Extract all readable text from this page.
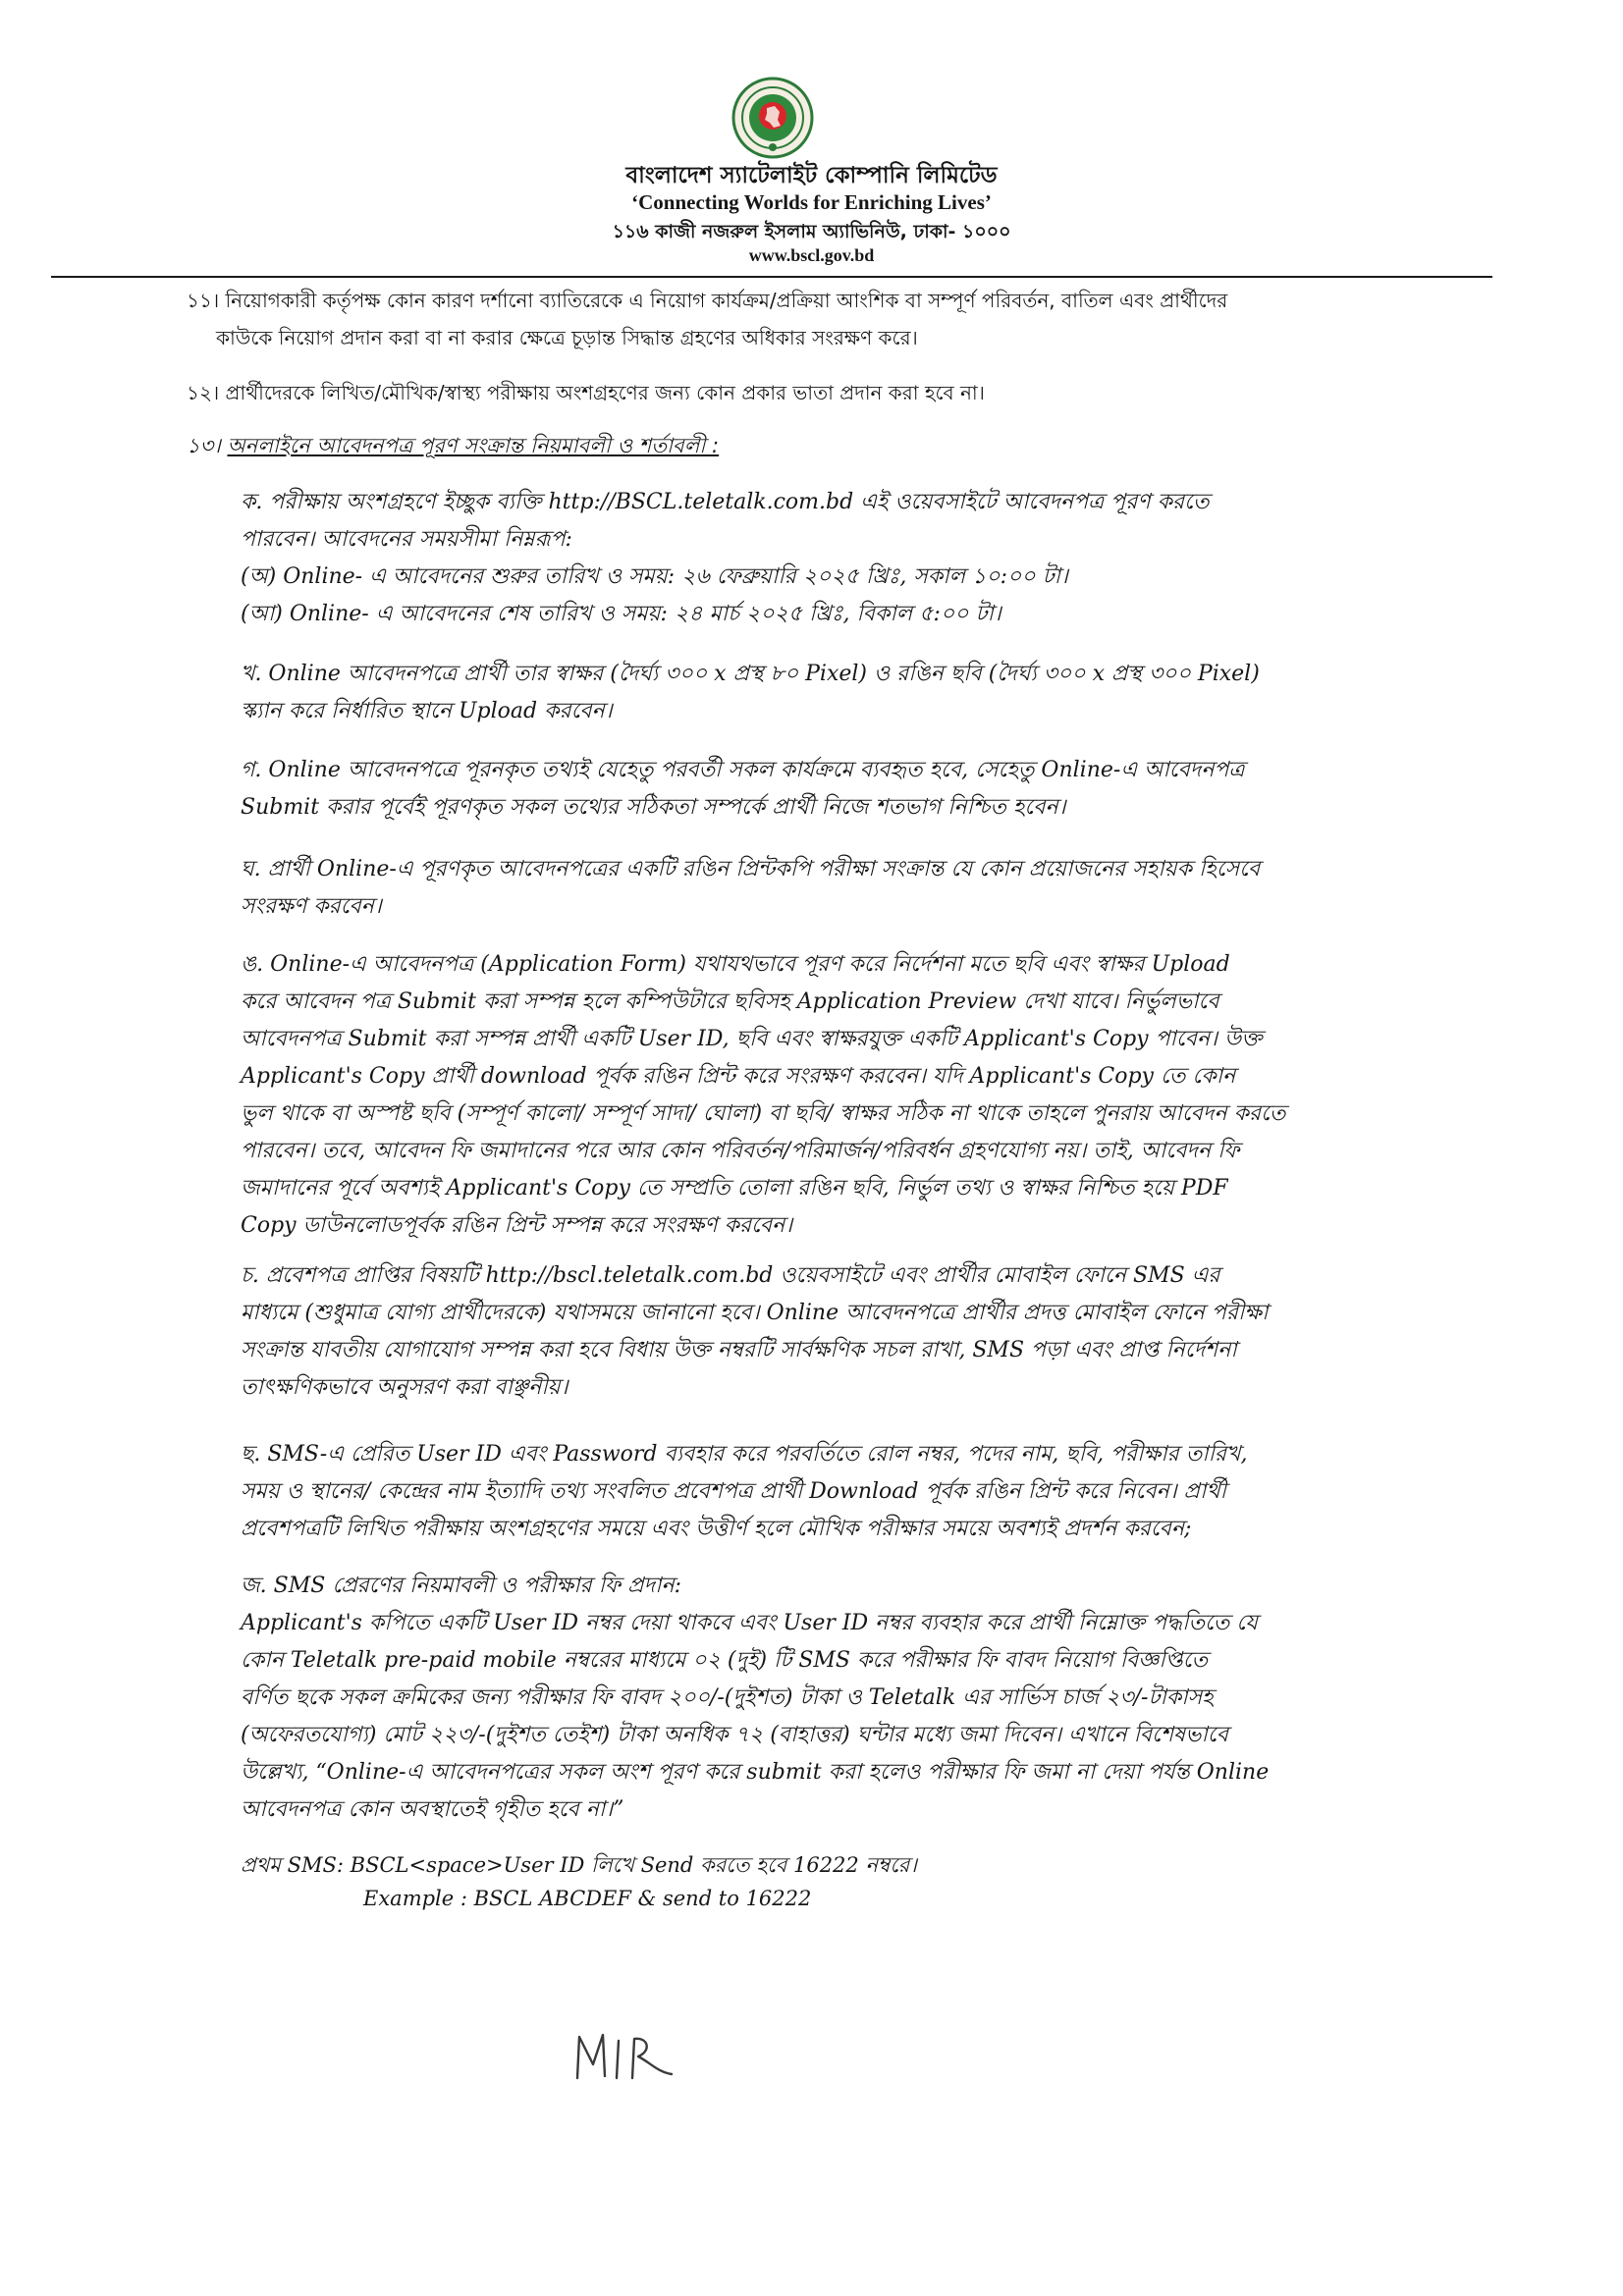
বাংলাদেশ স্যাটেলাইট কোম্পানি লিমিটেড
‘Connecting Worlds for Enriching Lives’
১১৬ কাজী নজরুল ইসলাম অ্যাভিনিউ, ঢাকা- ১০০০
www.bscl.gov.bd
১১। নিয়োগকারী কর্তৃপক্ষ কোন কারণ দর্শানো ব্যাতিরেকে এ নিয়োগ কার্যক্রম/প্রক্রিয়া আংশিক বা সম্পূর্ণ পরিবর্তন, বাতিল এবং প্রার্থীদের
কাউকে নিয়োগ প্রদান করা বা না করার ক্ষেত্রে চূড়ান্ত সিদ্ধান্ত গ্রহণের অধিকার সংরক্ষণ করে।
১২। প্রার্থীদেরকে লিখিত/মৌখিক/স্বাস্থ্য পরীক্ষায় অংশগ্রহণের জন্য কোন প্রকার ভাতা প্রদান করা হবে না।
১৩। অনলাইনে আবেদনপত্র পূরণ সংক্রান্ত নিয়মাবলী ও শর্তাবলী :
ক. পরীক্ষায় অংশগ্রহণে ইচ্ছুক ব্যক্তি http://BSCL.teletalk.com.bd এই ওয়েবসাইটে আবেদনপত্র পূরণ করতে
পারবেন। আবেদনের সময়সীমা নিম্নরূপ:
(অ) Online- এ আবেদনের শুরুর তারিখ ও সময়: ২৬ ফেব্রুয়ারি ২০২৫ খ্রিঃ, সকাল ১০:০০ টা।
(আ) Online- এ আবেদনের শেষ তারিখ ও সময়: ২৪ মার্চ ২০২৫ খ্রিঃ, বিকাল ৫:০০ টা।
খ. Online আবেদনপত্রে প্রার্থী তার স্বাক্ষর (দৈর্ঘ্য ৩০০ x প্রস্থ ৮০ Pixel) ও রঙিন ছবি (দৈর্ঘ্য ৩০০ x প্রস্থ ৩০০ Pixel)
স্ক্যান করে নির্ধারিত স্থানে Upload করবেন।
গ. Online আবেদনপত্রে পূরনকৃত তথ্যই যেহেতু পরবর্তী সকল কার্যক্রমে ব্যবহৃত হবে, সেহেতু Online-এ আবেদনপত্র
Submit করার পূর্বেই পূরণকৃত সকল তথ্যের সঠিকতা সম্পর্কে প্রার্থী নিজে শতভাগ নিশ্চিত হবেন।
ঘ. প্রার্থী Online-এ পূরণকৃত আবেদনপত্রের একটি রঙিন প্রিন্টকপি পরীক্ষা সংক্রান্ত যে কোন প্রয়োজনের সহায়ক হিসেবে
সংরক্ষণ করবেন।
ঙ. Online-এ আবেদনপত্র (Application Form) যথাযথভাবে পূরণ করে নির্দেশনা মতে ছবি এবং স্বাক্ষর Upload
করে আবেদন পত্র Submit করা সম্পন্ন হলে কম্পিউটারে ছবিসহ Application Preview দেখা যাবে। নির্ভুলভাবে
আবেদনপত্র Submit করা সম্পন্ন প্রার্থী একটি User ID, ছবি এবং স্বাক্ষরযুক্ত একটি Applicant's Copy পাবেন। উক্ত
Applicant's Copy প্রার্থী download পূর্বক রঙিন প্রিন্ট করে সংরক্ষণ করবেন। যদি Applicant's Copy তে কোন
ভুল থাকে বা অস্পষ্ট ছবি (সম্পূর্ণ কালো/ সম্পূর্ণ সাদা/ ঘোলা) বা ছবি/ স্বাক্ষর সঠিক না থাকে তাহলে পুনরায় আবেদন করতে
পারবেন। তবে, আবেদন ফি জমাদানের পরে আর কোন পরিবর্তন/পরিমার্জন/পরিবর্ধন গ্রহণযোগ্য নয়। তাই, আবেদন ফি
জমাদানের পূর্বে অবশ্যই Applicant's Copy তে সম্প্রতি তোলা রঙিন ছবি, নির্ভুল তথ্য ও স্বাক্ষর নিশ্চিত হয়ে PDF
Copy ডাউনলোডপূর্বক রঙিন প্রিন্ট সম্পন্ন করে সংরক্ষণ করবেন।
চ. প্রবেশপত্র প্রাপ্তির বিষয়টি http://bscl.teletalk.com.bd ওয়েবসাইটে এবং প্রার্থীর মোবাইল ফোনে SMS এর
মাধ্যমে (শুধুমাত্র যোগ্য প্রার্থীদেরকে) যথাসময়ে জানানো হবে। Online আবেদনপত্রে প্রার্থীর প্রদত্ত মোবাইল ফোনে পরীক্ষা
সংক্রান্ত যাবতীয় যোগাযোগ সম্পন্ন করা হবে বিধায় উক্ত নম্বরটি সার্বক্ষণিক সচল রাখা, SMS পড়া এবং প্রাপ্ত নির্দেশনা
তাৎক্ষণিকভাবে অনুসরণ করা বাঞ্ছনীয়।
ছ. SMS-এ প্রেরিত User ID এবং Password ব্যবহার করে পরবর্তিতে রোল নম্বর, পদের নাম, ছবি, পরীক্ষার তারিখ,
সময় ও স্থানের/ কেন্দ্রের নাম ইত্যাদি তথ্য সংবলিত প্রবেশপত্র প্রার্থী Download পূর্বক রঙিন প্রিন্ট করে নিবেন। প্রার্থী
প্রবেশপত্রটি লিখিত পরীক্ষায় অংশগ্রহণের সময়ে এবং উত্তীর্ণ হলে মৌখিক পরীক্ষার সময়ে অবশ্যই প্রদর্শন করবেন;
জ. SMS প্রেরণের নিয়মাবলী ও পরীক্ষার ফি প্রদান:
Applicant's কপিতে একটি User ID নম্বর দেয়া থাকবে এবং User ID নম্বর ব্যবহার করে প্রার্থী নিম্নোক্ত পদ্ধতিতে যে
কোন Teletalk pre-paid mobile নম্বরের মাধ্যমে ০২ (দুই) টি SMS করে পরীক্ষার ফি বাবদ নিয়োগ বিজ্ঞপ্তিতে
বর্ণিত ছকে সকল ক্রমিকের জন্য পরীক্ষার ফি বাবদ ২০০/-(দুইশত) টাকা ও Teletalk এর সার্ভিস চার্জ ২৩/-টাকাসহ
(অফেরতযোগ্য) মোট ২২৩/-(দুইশত তেইশ) টাকা অনধিক ৭২ (বাহাত্তর) ঘন্টার মধ্যে জমা দিবেন। এখানে বিশেষভাবে
উল্লেখ্য, “Online-এ আবেদনপত্রের সকল অংশ পূরণ করে submit করা হলেও পরীক্ষার ফি জমা না দেয়া পর্যন্ত Online
আবেদনপত্র কোন অবস্থাতেই গৃহীত হবে না।”
প্রথম SMS: BSCL<space>User ID লিখে Send করতে হবে 16222 নম্বরে।
Example : BSCL ABCDEF & send to 16222
